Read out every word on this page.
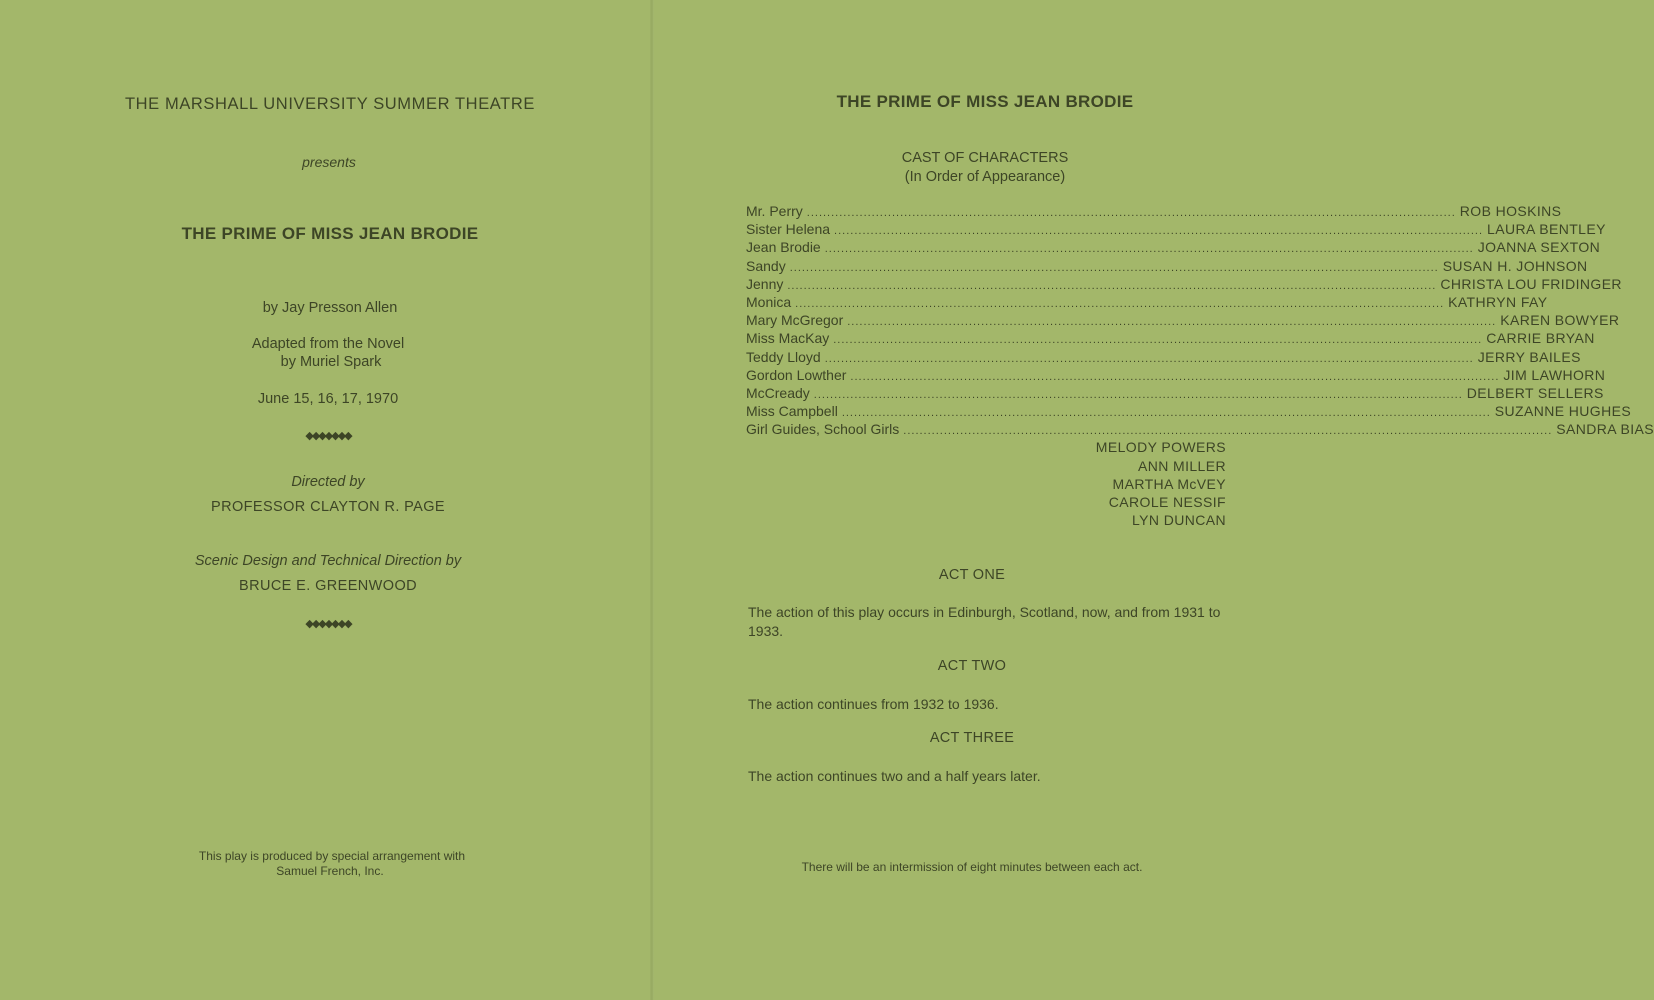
THE MARSHALL UNIVERSITY SUMMER THEATRE
presents
THE PRIME OF MISS JEAN BRODIE
by Jay Presson Allen
Adapted from the Novel
by Muriel Spark
June 15, 16, 17, 1970
◆◆◆◆◆◆◆
Directed by
PROFESSOR CLAYTON R. PAGE
Scenic Design and Technical Direction by
BRUCE E. GREENWOOD
◆◆◆◆◆◆◆
This play is produced by special arrangement with
Samuel French, Inc.
THE PRIME OF MISS JEAN BRODIE
CAST OF CHARACTERS
(In Order of Appearance)
Mr. Perry ................................................................................................................................................................ ROB HOSKINS
Sister Helena ................................................................................................................................................................ LAURA BENTLEY
Jean Brodie ................................................................................................................................................................ JOANNA SEXTON
Sandy ................................................................................................................................................................ SUSAN H. JOHNSON
Jenny ................................................................................................................................................................ CHRISTA LOU FRIDINGER
Monica ................................................................................................................................................................ KATHRYN FAY
Mary McGregor ................................................................................................................................................................ KAREN BOWYER
Miss MacKay ................................................................................................................................................................ CARRIE BRYAN
Teddy Lloyd ................................................................................................................................................................ JERRY BAILES
Gordon Lowther ................................................................................................................................................................ JIM LAWHORN
McCready ................................................................................................................................................................ DELBERT SELLERS
Miss Campbell ................................................................................................................................................................ SUZANNE HUGHES
Girl Guides, School Girls ................................................................................................................................................................ SANDRA BIAS
MELODY POWERS
ANN MILLER
MARTHA McVEY
CAROLE NESSIF
LYN DUNCAN
ACT ONE
The action of this play occurs in Edinburgh, Scotland, now, and from 1931 to 1933.
ACT TWO
The action continues from 1932 to 1936.
ACT THREE
The action continues two and a half years later.
There will be an intermission of eight minutes between each act.
